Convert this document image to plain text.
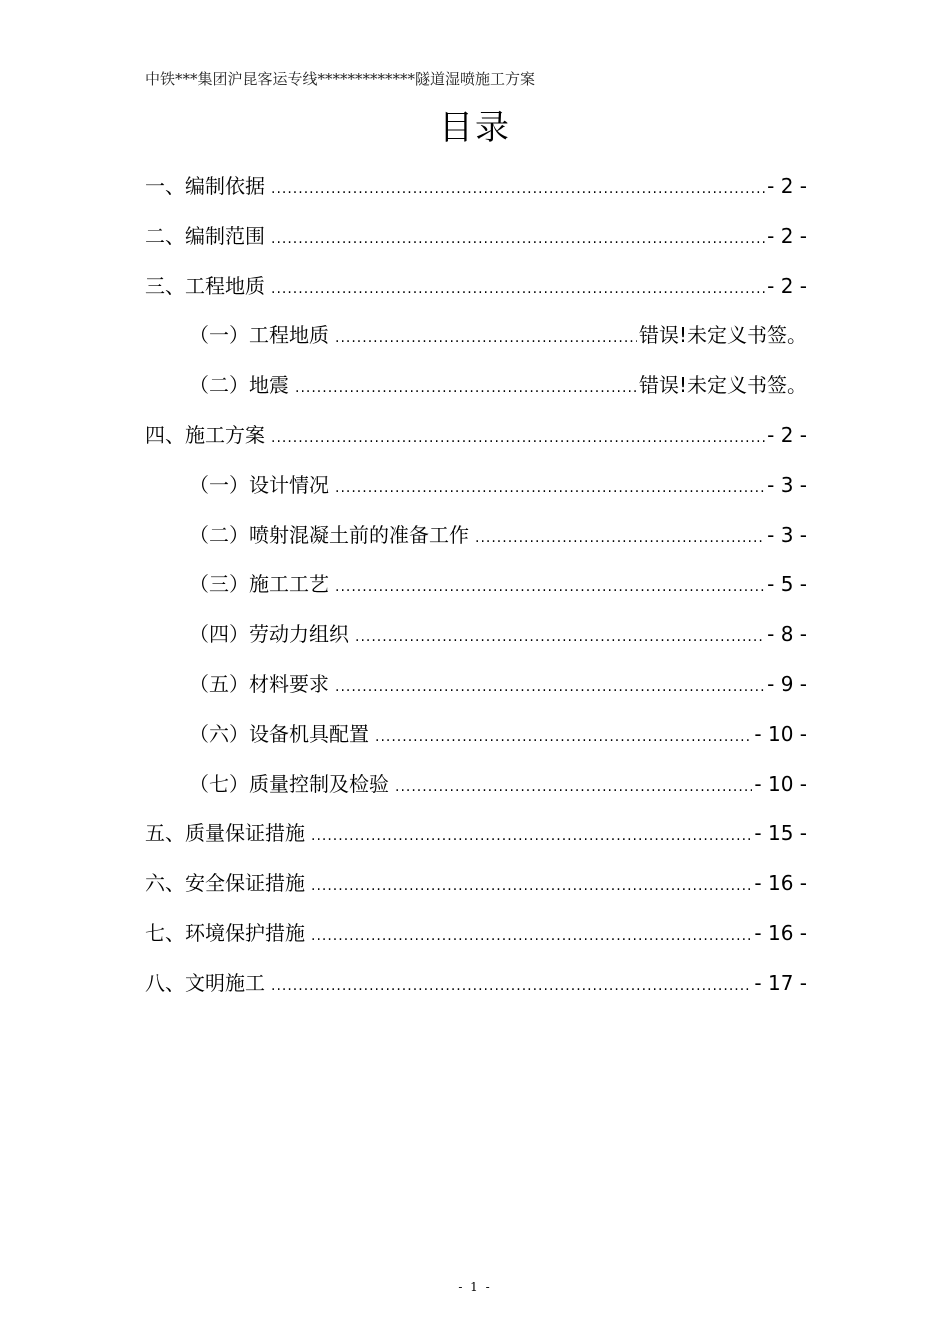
中铁***集团沪昆客运专线*************隧道湿喷施工方案
目录
一、编制依据 .....	- 2 -
二、编制范围 .....	- 2 -
三、工程地质 .....	- 2 -
（一）工程地质 .....	错误!未定义书签。
（二）地震 .....	错误!未定义书签。
四、施工方案 .....	- 2 -
（一）设计情况 .....	- 3 -
（二）喷射混凝土前的准备工作 .....	- 3 -
（三）施工工艺 .....	- 5 -
（四）劳动力组织 .....	- 8 -
（五）材料要求 .....	- 9 -
（六）设备机具配置 .....	- 10 -
（七）质量控制及检验 .....	- 10 -
五、质量保证措施 .....	- 15 -
六、安全保证措施 .....	- 16 -
七、环境保护措施 .....	- 16 -
八、文明施工 .....	- 17 -
- 1 -
